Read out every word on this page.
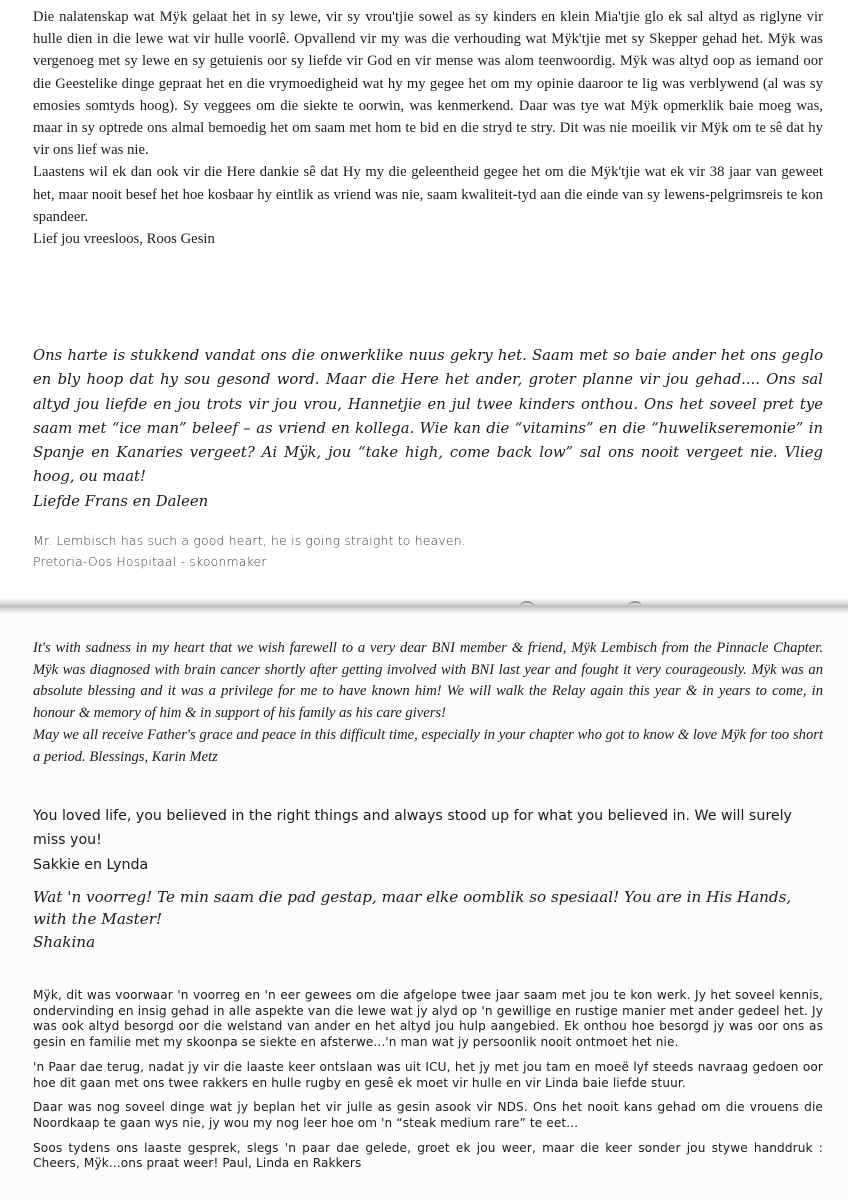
Die nalatenskap wat Mÿk gelaat het in sy lewe, vir sy vrou'tjie sowel as sy kinders en klein Mia'tjie glo ek sal altyd as riglyne vir hulle dien in die lewe wat vir hulle voorlê. Opvallend vir my was die verhouding wat Mÿk'tjie met sy Skepper gehad het. Mÿk was vergenoeg met sy lewe en sy getuienis oor sy liefde vir God en vir mense was alom teenwoordig. Mÿk was altyd oop as iemand oor die Geestelike dinge gepraat het en die vrymoedigheid wat hy my gegee het om my opinie daaroor te lig was verblywend (al was sy emosies somtyds hoog). Sy veggees om die siekte te oorwin, was kenmerkend. Daar was tye wat Mÿk opmerklik baie moeg was, maar in sy optrede ons almal bemoedig het om saam met hom te bid en die stryd te stry. Dit was nie moeilik vir Mÿk om te sê dat hy vir ons lief was nie.

Laastens wil ek dan ook vir die Here dankie sê dat Hy my die geleentheid gegee het om die Mÿk'tjie wat ek vir 38 jaar van geweet het, maar nooit besef het hoe kosbaar hy eintlik as vriend was nie, saam kwaliteit-tyd aan die einde van sy lewens-pelgrimsreis te kon spandeer.

Lief jou vreesloos, Roos Gesin

Ons harte is stukkend vandat ons die onwerklike nuus gekry het. Saam met so baie ander het ons geglo en bly hoop dat hy sou gesond word. Maar die Here het ander, groter planne vir jou gehad.... Ons sal altyd jou liefde en jou trots vir jou vrou, Hannetjie en jul twee kinders onthou. Ons het soveel pret tye saam met “ice man” beleef – as vriend en kollega. Wie kan die “vitamins” en die “huwelikseremonie” in Spanje en Kanaries vergeet? Ai Mÿk, jou “take high, come back low” sal ons nooit vergeet nie. Vlieg hoog, ou maat!

Liefde Frans en Daleen

Mr. Lembisch has such a good heart, he is going straight to heaven.

Pretoria-Oos Hospitaal - skoonmaker

It's with sadness in my heart that we wish farewell to a very dear BNI member & friend, Mÿk Lembisch from the Pinnacle Chapter. Mÿk was diagnosed with brain cancer shortly after getting involved with BNI last year and fought it very courageously. Mÿk was an absolute blessing and it was a privilege for me to have known him! We will walk the Relay again this year & in years to come, in honour & memory of him & in support of his family as his care givers!

May we all receive Father's grace and peace in this difficult time, especially in your chapter who got to know & love Mÿk for too short a period. Blessings, Karin Metz

You loved life, you believed in the right things and always stood up for what you believed in. We will surely miss you!

Sakkie en Lynda

Wat 'n voorreg! Te min saam die pad gestap, maar elke oomblik so spesiaal! You are in His Hands, with the Master!

Shakina

Mÿk, dit was voorwaar 'n voorreg en 'n eer gewees om die afgelope twee jaar saam met jou te kon werk. Jy het soveel kennis, ondervinding en insig gehad in alle aspekte van die lewe wat jy alyd op 'n gewillige en rustige manier met ander gedeel het. Jy was ook altyd besorgd oor die welstand van ander en het altyd jou hulp aangebied. Ek onthou hoe besorgd jy was oor ons as gesin en familie met my skoonpa se siekte en afsterwe...'n man wat jy persoonlik nooit ontmoet het nie.

'n Paar dae terug, nadat jy vir die laaste keer ontslaan was uit ICU, het jy met jou tam en moeë lyf steeds navraag gedoen oor hoe dit gaan met ons twee rakkers en hulle rugby en gesê ek moet vir hulle en vir Linda baie liefde stuur.

Daar was nog soveel dinge wat jy beplan het vir julle as gesin asook vir NDS. Ons het nooit kans gehad om die vrouens die Noordkaap te gaan wys nie, jy wou my nog leer hoe om 'n “steak medium rare” te eet...

Soos tydens ons laaste gesprek, slegs 'n paar dae gelede, groet ek jou weer, maar die keer sonder jou stywe handdruk : Cheers, Mÿk...ons praat weer! Paul, Linda en Rakkers
